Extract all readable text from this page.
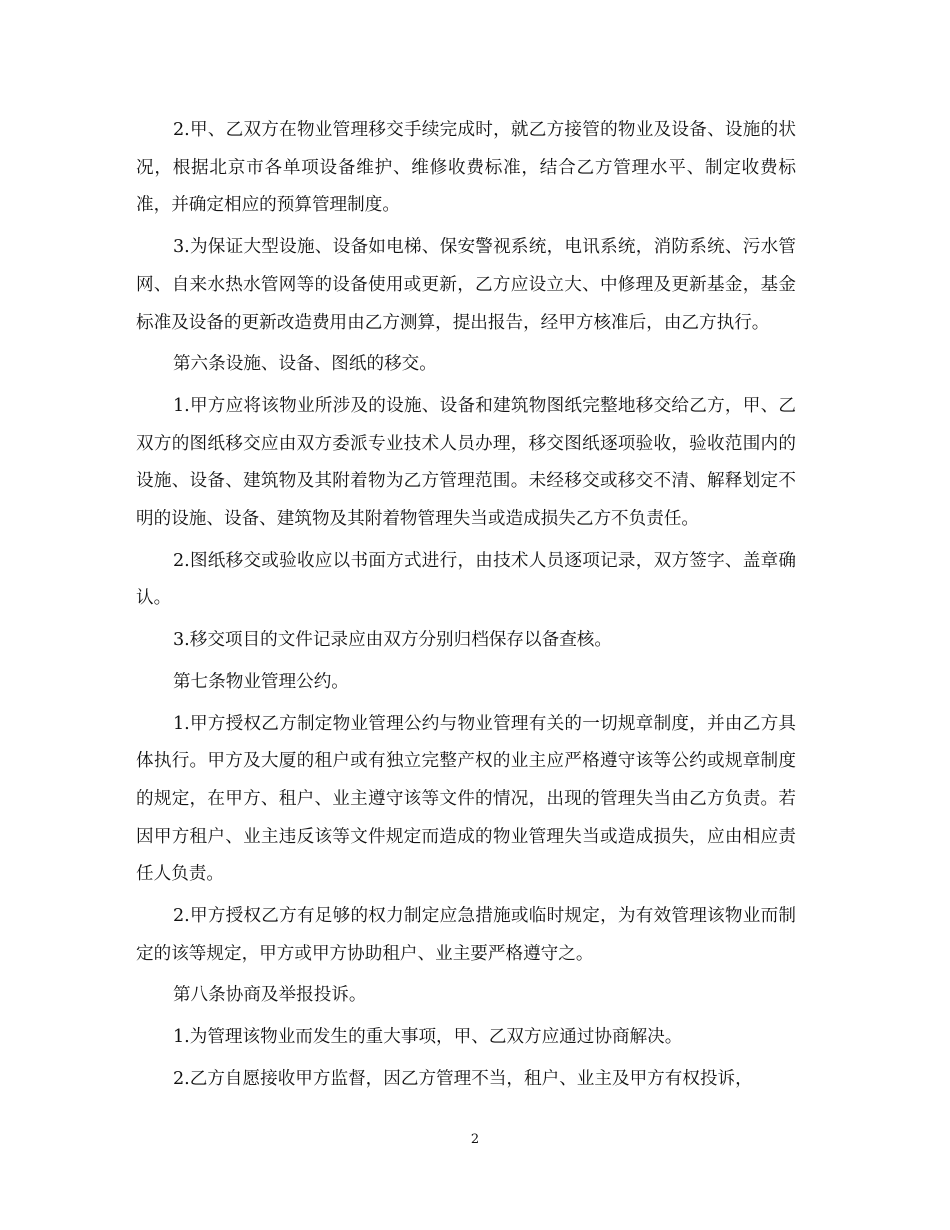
2.甲、乙双方在物业管理移交手续完成时，就乙方接管的物业及设备、设施的状况，根据北京市各单项设备维护、维修收费标准，结合乙方管理水平、制定收费标准，并确定相应的预算管理制度。

3.为保证大型设施、设备如电梯、保安警视系统，电讯系统，消防系统、污水管网、自来水热水管网等的设备使用或更新，乙方应设立大、中修理及更新基金，基金标准及设备的更新改造费用由乙方测算，提出报告，经甲方核准后，由乙方执行。

第六条设施、设备、图纸的移交。

1.甲方应将该物业所涉及的设施、设备和建筑物图纸完整地移交给乙方，甲、乙双方的图纸移交应由双方委派专业技术人员办理，移交图纸逐项验收，验收范围内的设施、设备、建筑物及其附着物为乙方管理范围。未经移交或移交不清、解释划定不明的设施、设备、建筑物及其附着物管理失当或造成损失乙方不负责任。

2.图纸移交或验收应以书面方式进行，由技术人员逐项记录，双方签字、盖章确认。

3.移交项目的文件记录应由双方分别归档保存以备查核。

第七条物业管理公约。

1.甲方授权乙方制定物业管理公约与物业管理有关的一切规章制度，并由乙方具体执行。甲方及大厦的租户或有独立完整产权的业主应严格遵守该等公约或规章制度的规定，在甲方、租户、业主遵守该等文件的情况，出现的管理失当由乙方负责。若因甲方租户、业主违反该等文件规定而造成的物业管理失当或造成损失，应由相应责任人负责。

2.甲方授权乙方有足够的权力制定应急措施或临时规定，为有效管理该物业而制定的该等规定，甲方或甲方协助租户、业主要严格遵守之。

第八条协商及举报投诉。

1.为管理该物业而发生的重大事项，甲、乙双方应通过协商解决。

2.乙方自愿接收甲方监督，因乙方管理不当，租户、业主及甲方有权投诉，

2
